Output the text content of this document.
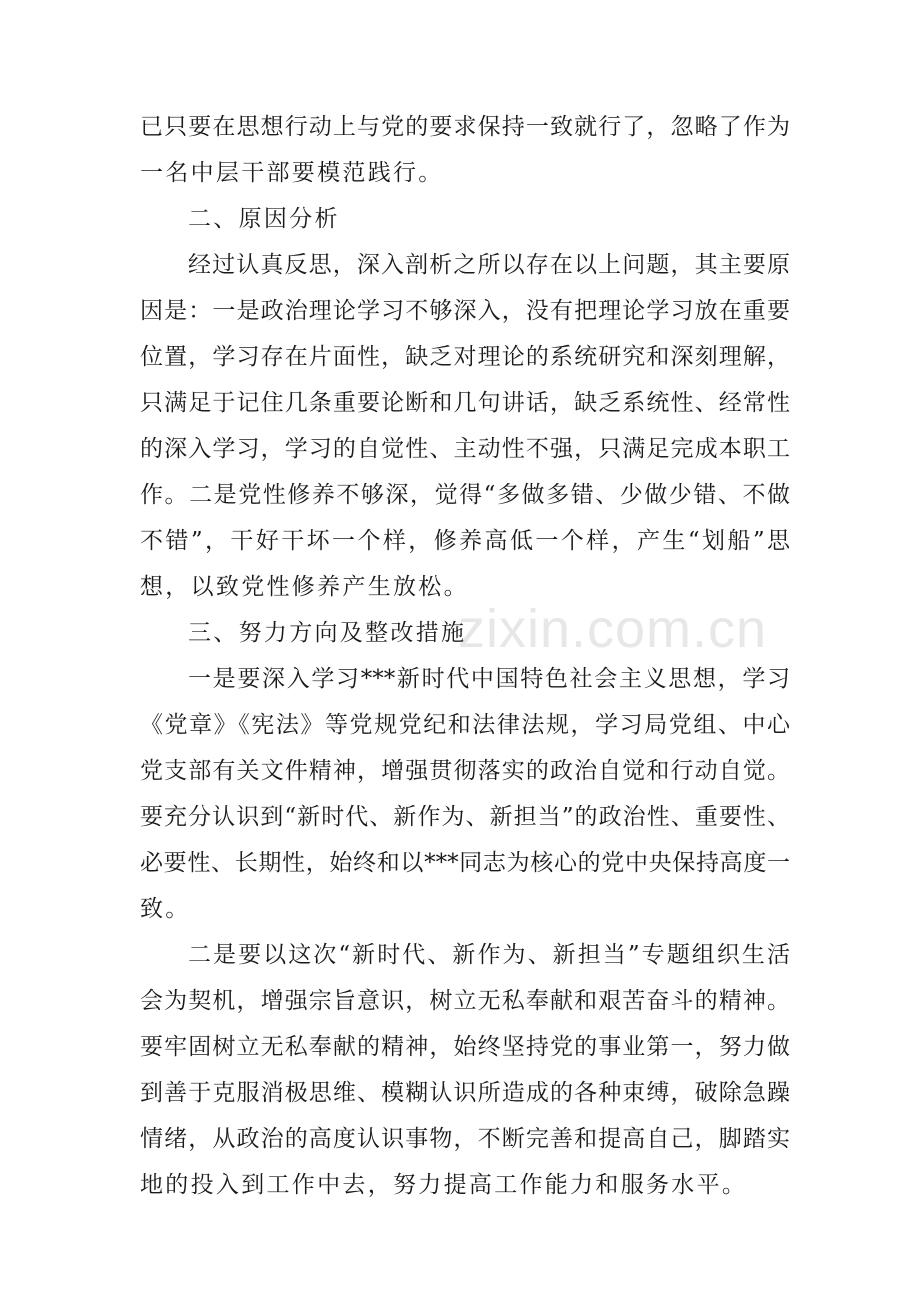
已只要在思想行动上与党的要求保持一致就行了，忽略了作为
一名中层干部要模范践行。
二、原因分析
经过认真反思，深入剖析之所以存在以上问题，其主要原
因是：一是政治理论学习不够深入，没有把理论学习放在重要
位置，学习存在片面性，缺乏对理论的系统研究和深刻理解，
只满足于记住几条重要论断和几句讲话，缺乏系统性、经常性
的深入学习，学习的自觉性、主动性不强，只满足完成本职工
作。二是党性修养不够深，觉得“多做多错、少做少错、不做
不错”，干好干坏一个样，修养高低一个样，产生“划船”思
想，以致党性修养产生放松。
三、努力方向及整改措施
一是要深入学习***新时代中国特色社会主义思想，学习
《党章》《宪法》等党规党纪和法律法规，学习局党组、中心
党支部有关文件精神，增强贯彻落实的政治自觉和行动自觉。
要充分认识到“新时代、新作为、新担当”的政治性、重要性、
必要性、长期性，始终和以***同志为核心的党中央保持高度一
致。
二是要以这次“新时代、新作为、新担当”专题组织生活
会为契机，增强宗旨意识，树立无私奉献和艰苦奋斗的精神。
要牢固树立无私奉献的精神，始终坚持党的事业第一，努力做
到善于克服消极思维、模糊认识所造成的各种束缚，破除急躁
情绪，从政治的高度认识事物，不断完善和提高自己，脚踏实
地的投入到工作中去，努力提高工作能力和服务水平。
zixin.com.cn
